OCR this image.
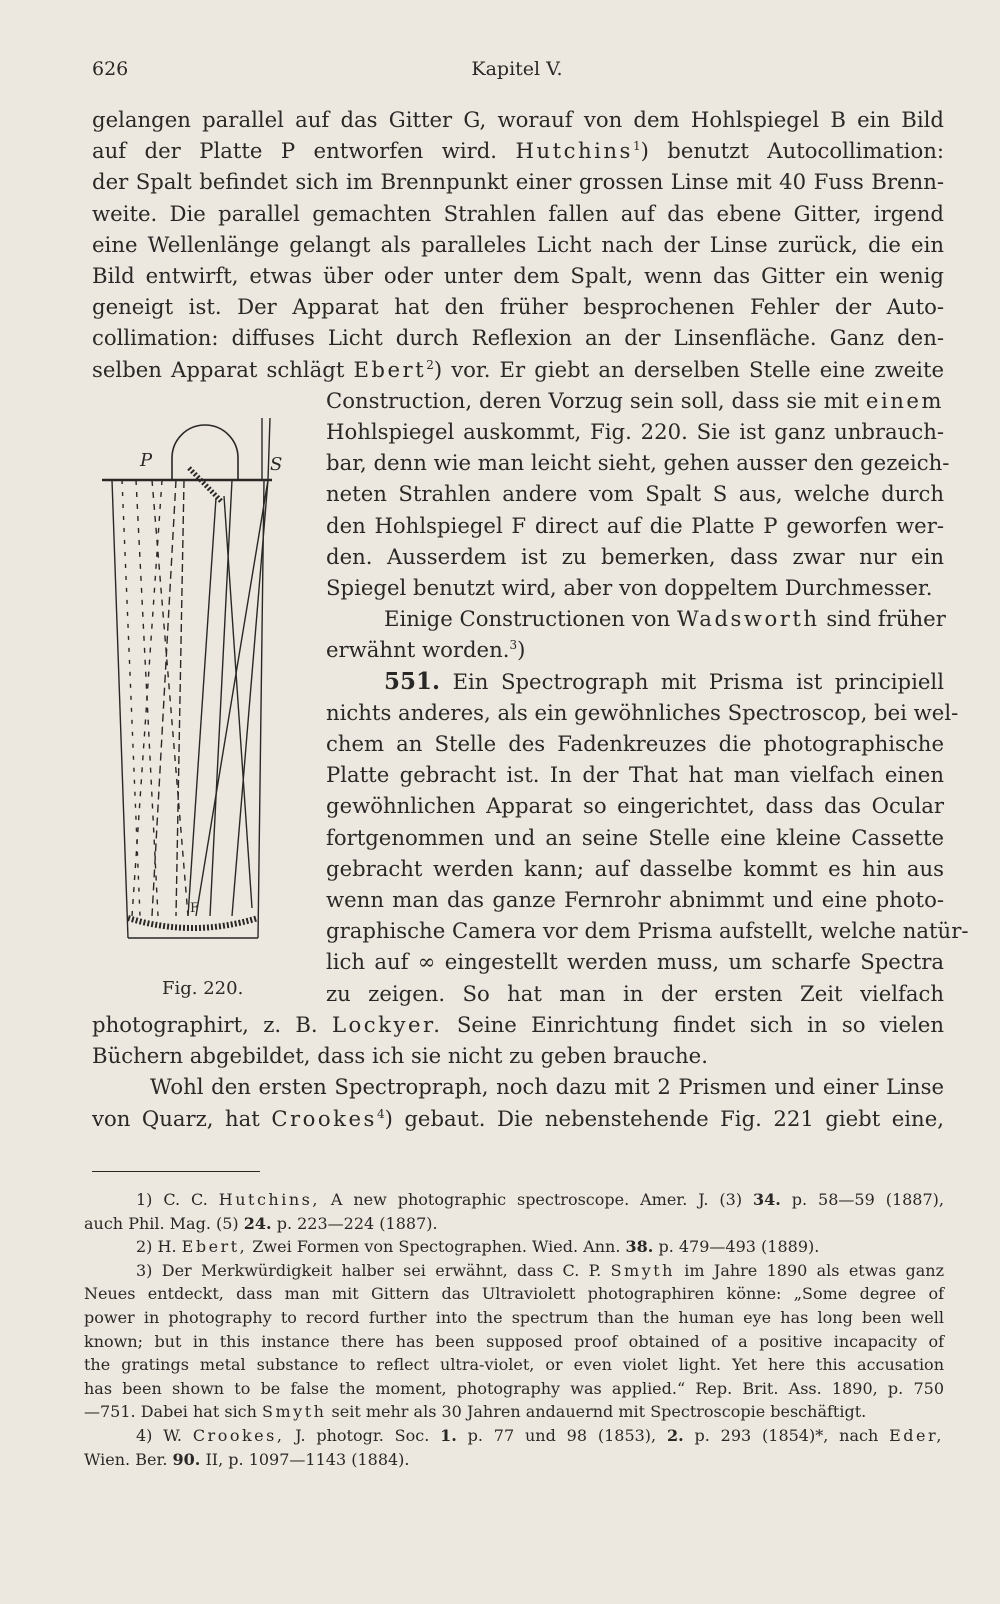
626	Kapitel V.
gelangen parallel auf das Gitter G, worauf von dem Hohlspiegel B ein Bild
auf der Platte P entworfen wird. Hutchins$^1$) benutzt Autocollimation:
der Spalt befindet sich im Brennpunkt einer grossen Linse mit 40 Fuss Brenn-
weite. Die parallel gemachten Strahlen fallen auf das ebene Gitter, irgend
eine Wellenlänge gelangt als paralleles Licht nach der Linse zurück, die ein
Bild entwirft, etwas über oder unter dem Spalt, wenn das Gitter ein wenig
geneigt ist. Der Apparat hat den früher besprochenen Fehler der Auto-
collimation: diffuses Licht durch Reflexion an der Linsenfläche. Ganz den-
selben Apparat schlägt Ebert$^2$) vor. Er giebt an derselben Stelle eine zweite
Construction, deren Vorzug sein soll, dass sie mit einem
Hohlspiegel auskommt, Fig. 220. Sie ist ganz unbrauch-
bar, denn wie man leicht sieht, gehen ausser den gezeich-
neten Strahlen andere vom Spalt S aus, welche durch
den Hohlspiegel F direct auf die Platte P geworfen wer-
den. Ausserdem ist zu bemerken, dass zwar nur ein
Spiegel benutzt wird, aber von doppeltem Durchmesser.
Einige Constructionen von Wadsworth sind früher
erwähnt worden.$^3$)
551. Ein Spectrograph mit Prisma ist principiell
nichts anderes, als ein gewöhnliches Spectroscop, bei wel-
chem an Stelle des Fadenkreuzes die photographische
Platte gebracht ist. In der That hat man vielfach einen
gewöhnlichen Apparat so eingerichtet, dass das Ocular
fortgenommen und an seine Stelle eine kleine Cassette
gebracht werden kann; auf dasselbe kommt es hin aus
wenn man das ganze Fernrohr abnimmt und eine photo-
graphische Camera vor dem Prisma aufstellt, welche natür-
lich auf ∞ eingestellt werden muss, um scharfe Spectra
zu zeigen. So hat man in der ersten Zeit vielfach
photographirt, z. B. Lockyer. Seine Einrichtung findet sich in so vielen
Büchern abgebildet, dass ich sie nicht zu geben brauche.
Wohl den ersten Spectropraph, noch dazu mit 2 Prismen und einer Linse
von Quarz, hat Crookes$^4$) gebaut. Die nebenstehende Fig. 221 giebt eine,
P	S
F
Fig. 220.
1) C. C. Hutchins, A new photographic spectroscope. Amer. J. (3) 34. p. 58—59 (1887),
auch Phil. Mag. (5) 24. p. 223—224 (1887).
2) H. Ebert, Zwei Formen von Spectographen. Wied. Ann. 38. p. 479—493 (1889).
3) Der Merkwürdigkeit halber sei erwähnt, dass C. P. Smyth im Jahre 1890 als etwas ganz
Neues entdeckt, dass man mit Gittern das Ultraviolett photographiren könne: „Some degree of
power in photography to record further into the spectrum than the human eye has long been well
known; but in this instance there has been supposed proof obtained of a positive incapacity of
the gratings metal substance to reflect ultra-violet, or even violet light. Yet here this accusation
has been shown to be false the moment, photography was applied.“ Rep. Brit. Ass. 1890, p. 750
—751. Dabei hat sich Smyth seit mehr als 30 Jahren andauernd mit Spectroscopie beschäftigt.
4) W. Crookes, J. photogr. Soc. 1. p. 77 und 98 (1853), 2. p. 293 (1854)*, nach Eder,
Wien. Ber. 90. II, p. 1097—1143 (1884).
